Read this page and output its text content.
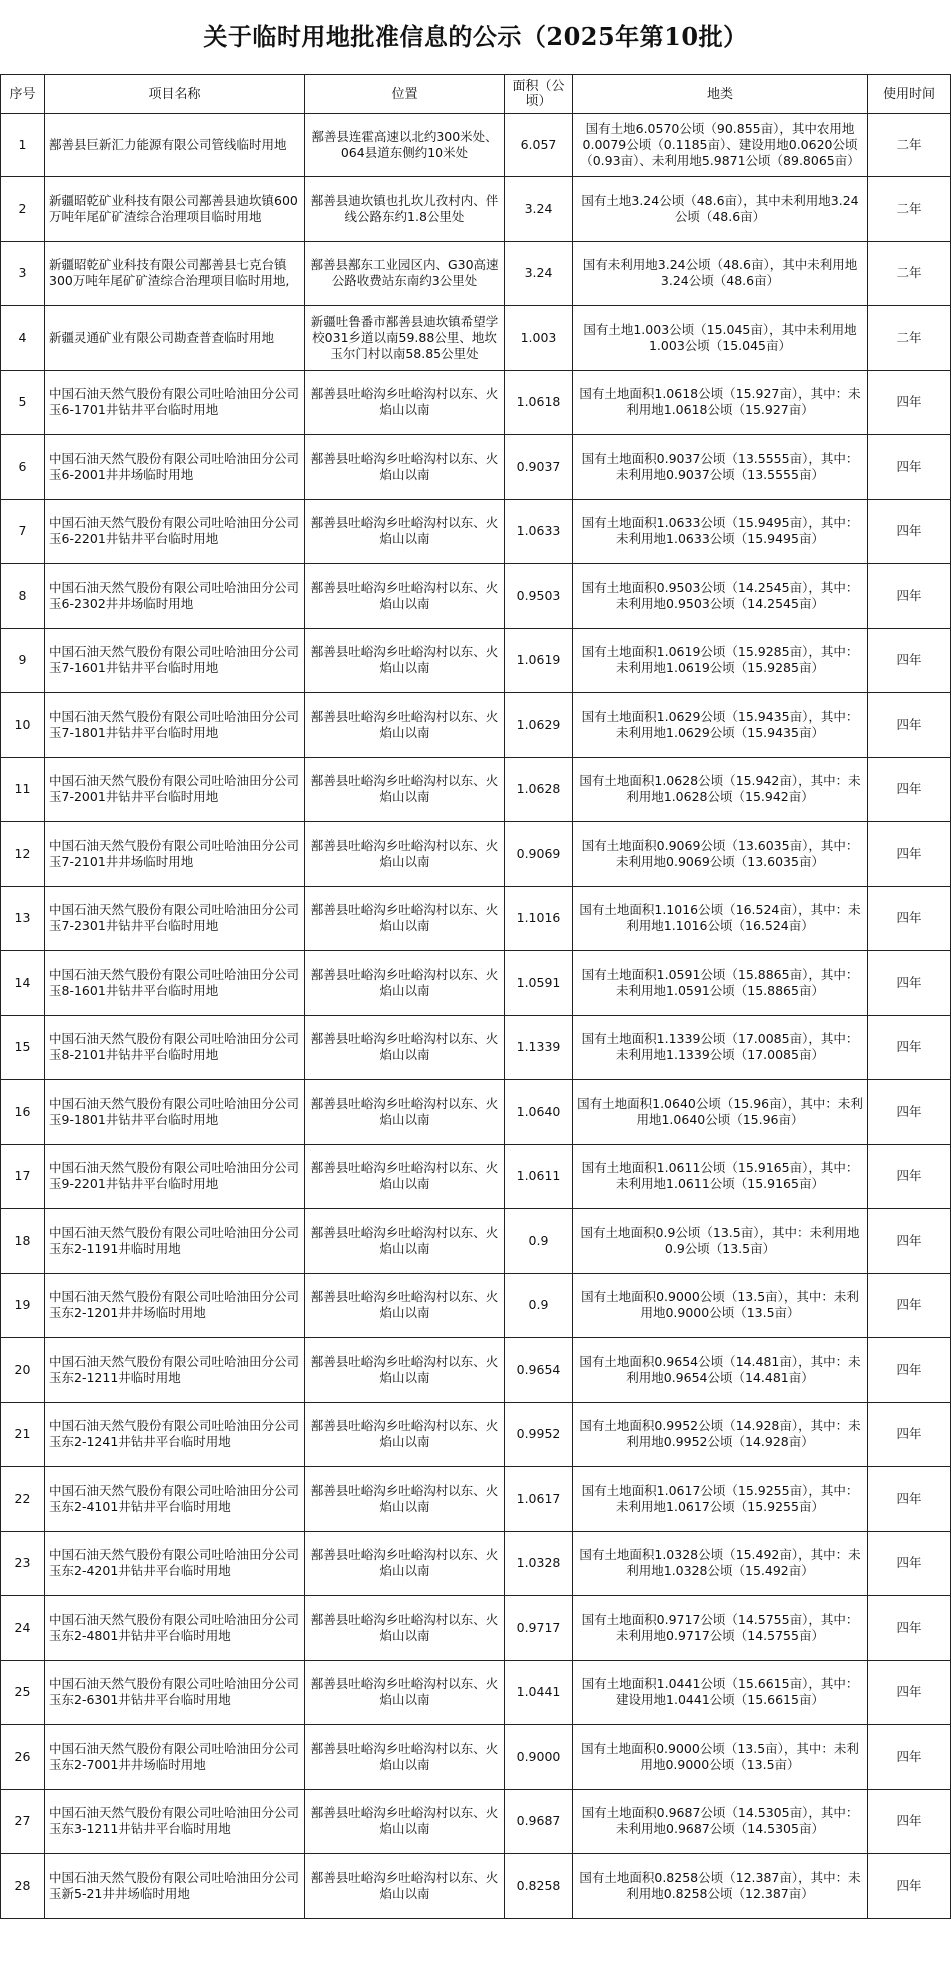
关于临时用地批准信息的公示（2025年第10批）
序号	项目名称	位置	面积（公顷）	地类	使用时间
1	鄯善县巨新汇力能源有限公司管线临时用地	鄯善县连霍高速以北约300米处、064县道东侧约10米处	6.057	国有土地6.0570公顷（90.855亩），其中农用地0.0079公顷（0.1185亩）、建设用地0.0620公顷（0.93亩）、未利用地5.9871公顷（89.8065亩）	二年
2	新疆昭乾矿业科技有限公司鄯善县迪坎镇600万吨年尾矿矿渣综合治理项目临时用地	鄯善县迪坎镇也扎坎儿孜村内、伴线公路东约1.8公里处	3.24	国有土地3.24公顷（48.6亩），其中未利用地3.24公顷（48.6亩）	二年
3	新疆昭乾矿业科技有限公司鄯善县七克台镇300万吨年尾矿矿渣综合治理项目临时用地,	鄯善县鄯东工业园区内、G30高速公路收费站东南约3公里处	3.24	国有未利用地3.24公顷（48.6亩），其中未利用地3.24公顷（48.6亩）	二年
4	新疆灵通矿业有限公司勘查普查临时用地	新疆吐鲁番市鄯善县迪坎镇希望学校031乡道以南59.88公里、地坎玉尔门村以南58.85公里处	1.003	国有土地1.003公顷（15.045亩），其中未利用地1.003公顷（15.045亩）	二年
5	中国石油天然气股份有限公司吐哈油田分公司玉6-1701井钻井平台临时用地	鄯善县吐峪沟乡吐峪沟村以东、火焰山以南	1.0618	国有土地面积1.0618公顷（15.927亩），其中：未利用地1.0618公顷（15.927亩）	四年
6	中国石油天然气股份有限公司吐哈油田分公司玉6-2001井井场临时用地	鄯善县吐峪沟乡吐峪沟村以东、火焰山以南	0.9037	国有土地面积0.9037公顷（13.5555亩），其中：未利用地0.9037公顷（13.5555亩）	四年
7	中国石油天然气股份有限公司吐哈油田分公司玉6-2201井钻井平台临时用地	鄯善县吐峪沟乡吐峪沟村以东、火焰山以南	1.0633	国有土地面积1.0633公顷（15.9495亩），其中：未利用地1.0633公顷（15.9495亩）	四年
8	中国石油天然气股份有限公司吐哈油田分公司玉6-2302井井场临时用地	鄯善县吐峪沟乡吐峪沟村以东、火焰山以南	0.9503	国有土地面积0.9503公顷（14.2545亩），其中：未利用地0.9503公顷（14.2545亩）	四年
9	中国石油天然气股份有限公司吐哈油田分公司玉7-1601井钻井平台临时用地	鄯善县吐峪沟乡吐峪沟村以东、火焰山以南	1.0619	国有土地面积1.0619公顷（15.9285亩），其中：未利用地1.0619公顷（15.9285亩）	四年
10	中国石油天然气股份有限公司吐哈油田分公司玉7-1801井钻井平台临时用地	鄯善县吐峪沟乡吐峪沟村以东、火焰山以南	1.0629	国有土地面积1.0629公顷（15.9435亩），其中：未利用地1.0629公顷（15.9435亩）	四年
11	中国石油天然气股份有限公司吐哈油田分公司玉7-2001井钻井平台临时用地	鄯善县吐峪沟乡吐峪沟村以东、火焰山以南	1.0628	国有土地面积1.0628公顷（15.942亩），其中：未利用地1.0628公顷（15.942亩）	四年
12	中国石油天然气股份有限公司吐哈油田分公司玉7-2101井井场临时用地	鄯善县吐峪沟乡吐峪沟村以东、火焰山以南	0.9069	国有土地面积0.9069公顷（13.6035亩），其中：未利用地0.9069公顷（13.6035亩）	四年
13	中国石油天然气股份有限公司吐哈油田分公司玉7-2301井钻井平台临时用地	鄯善县吐峪沟乡吐峪沟村以东、火焰山以南	1.1016	国有土地面积1.1016公顷（16.524亩），其中：未利用地1.1016公顷（16.524亩）	四年
14	中国石油天然气股份有限公司吐哈油田分公司玉8-1601井钻井平台临时用地	鄯善县吐峪沟乡吐峪沟村以东、火焰山以南	1.0591	国有土地面积1.0591公顷（15.8865亩），其中：未利用地1.0591公顷（15.8865亩）	四年
15	中国石油天然气股份有限公司吐哈油田分公司玉8-2101井钻井平台临时用地	鄯善县吐峪沟乡吐峪沟村以东、火焰山以南	1.1339	国有土地面积1.1339公顷（17.0085亩），其中：未利用地1.1339公顷（17.0085亩）	四年
16	中国石油天然气股份有限公司吐哈油田分公司玉9-1801井钻井平台临时用地	鄯善县吐峪沟乡吐峪沟村以东、火焰山以南	1.0640	国有土地面积1.0640公顷（15.96亩），其中：未利用地1.0640公顷（15.96亩）	四年
17	中国石油天然气股份有限公司吐哈油田分公司玉9-2201井钻井平台临时用地	鄯善县吐峪沟乡吐峪沟村以东、火焰山以南	1.0611	国有土地面积1.0611公顷（15.9165亩），其中：未利用地1.0611公顷（15.9165亩）	四年
18	中国石油天然气股份有限公司吐哈油田分公司玉东2-1191井临时用地	鄯善县吐峪沟乡吐峪沟村以东、火焰山以南	0.9	国有土地面积0.9公顷（13.5亩），其中：未利用地0.9公顷（13.5亩）	四年
19	中国石油天然气股份有限公司吐哈油田分公司玉东2-1201井井场临时用地	鄯善县吐峪沟乡吐峪沟村以东、火焰山以南	0.9	国有土地面积0.9000公顷（13.5亩），其中：未利用地0.9000公顷（13.5亩）	四年
20	中国石油天然气股份有限公司吐哈油田分公司玉东2-1211井临时用地	鄯善县吐峪沟乡吐峪沟村以东、火焰山以南	0.9654	国有土地面积0.9654公顷（14.481亩），其中：未利用地0.9654公顷（14.481亩）	四年
21	中国石油天然气股份有限公司吐哈油田分公司玉东2-1241井钻井平台临时用地	鄯善县吐峪沟乡吐峪沟村以东、火焰山以南	0.9952	国有土地面积0.9952公顷（14.928亩），其中：未利用地0.9952公顷（14.928亩）	四年
22	中国石油天然气股份有限公司吐哈油田分公司玉东2-4101井钻井平台临时用地	鄯善县吐峪沟乡吐峪沟村以东、火焰山以南	1.0617	国有土地面积1.0617公顷（15.9255亩），其中：未利用地1.0617公顷（15.9255亩）	四年
23	中国石油天然气股份有限公司吐哈油田分公司玉东2-4201井钻井平台临时用地	鄯善县吐峪沟乡吐峪沟村以东、火焰山以南	1.0328	国有土地面积1.0328公顷（15.492亩），其中：未利用地1.0328公顷（15.492亩）	四年
24	中国石油天然气股份有限公司吐哈油田分公司玉东2-4801井钻井平台临时用地	鄯善县吐峪沟乡吐峪沟村以东、火焰山以南	0.9717	国有土地面积0.9717公顷（14.5755亩），其中：未利用地0.9717公顷（14.5755亩）	四年
25	中国石油天然气股份有限公司吐哈油田分公司玉东2-6301井钻井平台临时用地	鄯善县吐峪沟乡吐峪沟村以东、火焰山以南	1.0441	国有土地面积1.0441公顷（15.6615亩），其中：建设用地1.0441公顷（15.6615亩）	四年
26	中国石油天然气股份有限公司吐哈油田分公司玉东2-7001井井场临时用地	鄯善县吐峪沟乡吐峪沟村以东、火焰山以南	0.9000	国有土地面积0.9000公顷（13.5亩），其中：未利用地0.9000公顷（13.5亩）	四年
27	中国石油天然气股份有限公司吐哈油田分公司玉东3-1211井钻井平台临时用地	鄯善县吐峪沟乡吐峪沟村以东、火焰山以南	0.9687	国有土地面积0.9687公顷（14.5305亩），其中：未利用地0.9687公顷（14.5305亩）	四年
28	中国石油天然气股份有限公司吐哈油田分公司玉新5-21井井场临时用地	鄯善县吐峪沟乡吐峪沟村以东、火焰山以南	0.8258	国有土地面积0.8258公顷（12.387亩），其中：未利用地0.8258公顷（12.387亩）	四年
